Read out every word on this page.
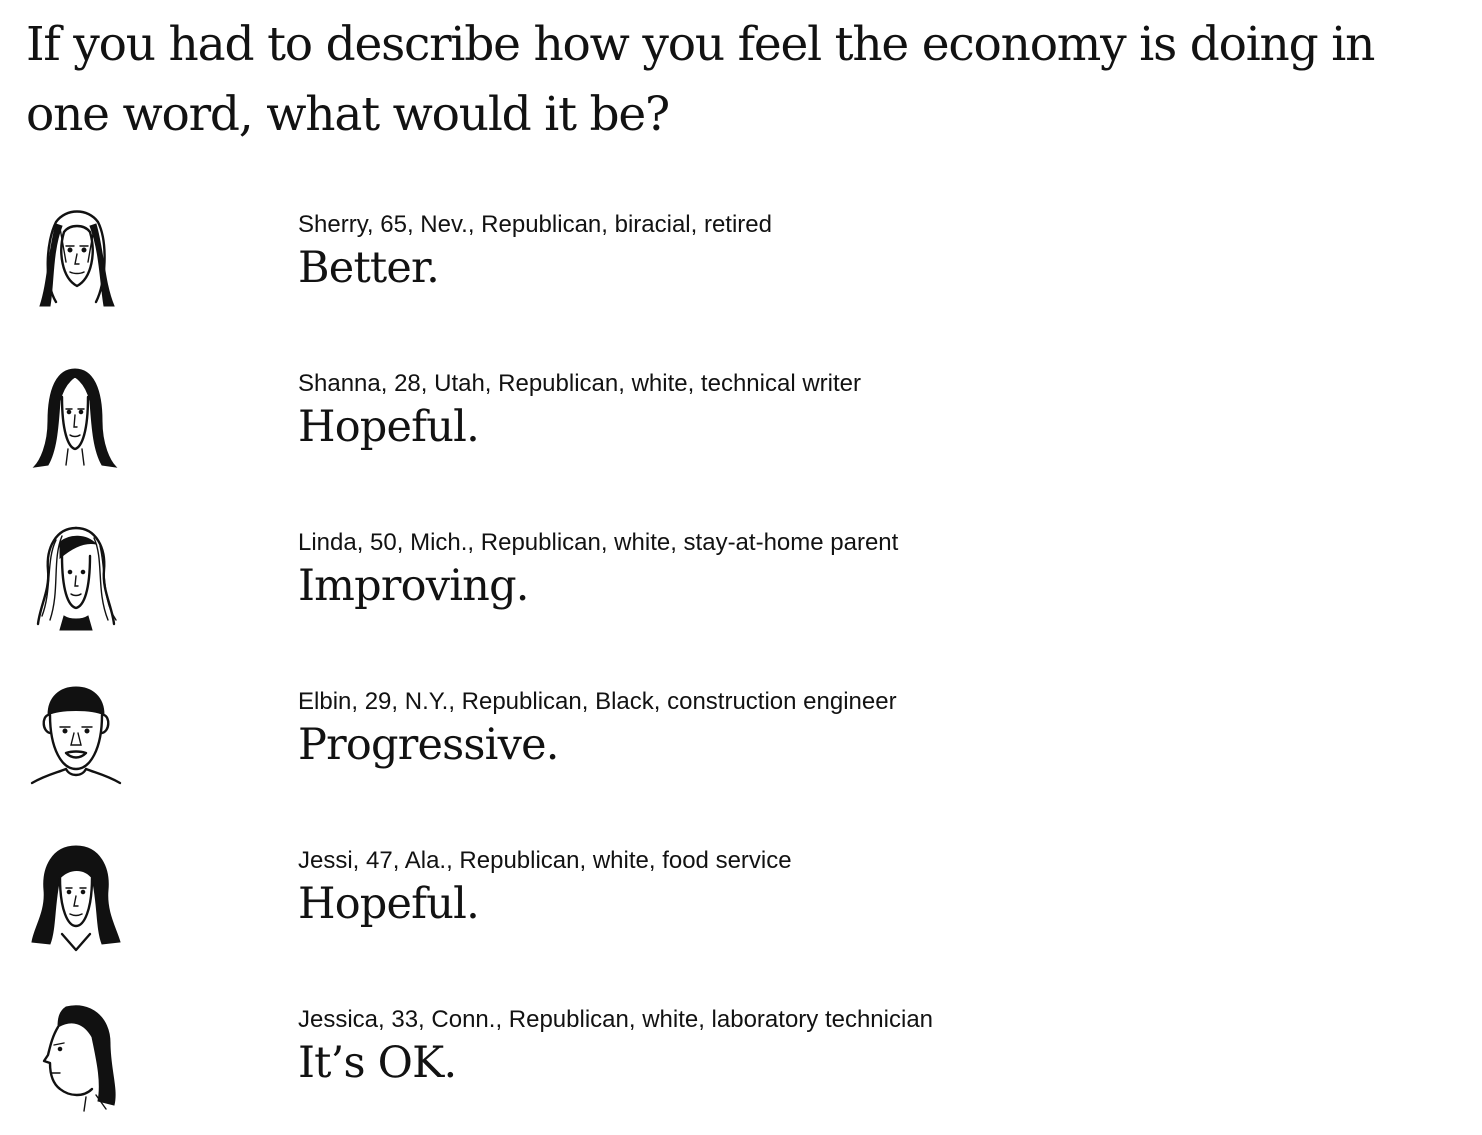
If you had to describe how you feel the economy is doing in one word, what would it be?
Sherry, 65, Nev., Republican, biracial, retired
Better.
Shanna, 28, Utah, Republican, white, technical writer
Hopeful.
Linda, 50, Mich., Republican, white, stay-at-home parent
Improving.
Elbin, 29, N.Y., Republican, Black, construction engineer
Progressive.
Jessi, 47, Ala., Republican, white, food service
Hopeful.
Jessica, 33, Conn., Republican, white, laboratory technician
It’s OK.
